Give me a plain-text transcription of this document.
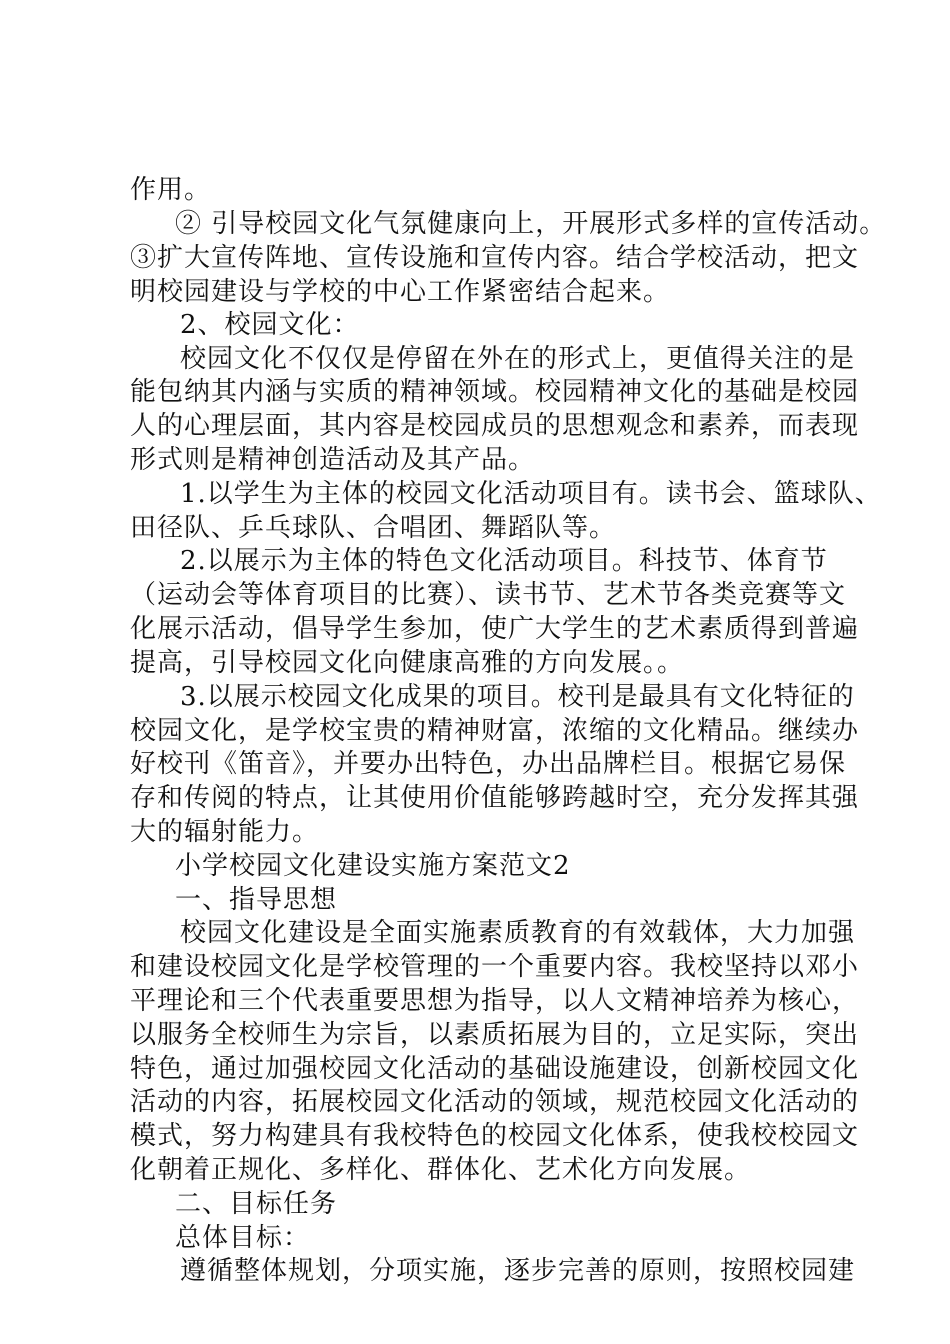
作用。
② 引导校园文化气氛健康向上，开展形式多样的宣传活动。
③扩大宣传阵地、宣传设施和宣传内容。结合学校活动，把文
明校园建设与学校的中心工作紧密结合起来。
2、校园文化：
校园文化不仅仅是停留在外在的形式上，更值得关注的是
能包纳其内涵与实质的精神领域。校园精神文化的基础是校园
人的心理层面，其内容是校园成员的思想观念和素养，而表现
形式则是精神创造活动及其产品。
1.以学生为主体的校园文化活动项目有。读书会、篮球队、
田径队、乒乓球队、合唱团、舞蹈队等。
2.以展示为主体的特色文化活动项目。科技节、体育节
（运动会等体育项目的比赛）、读书节、艺术节各类竞赛等文
化展示活动，倡导学生参加，使广大学生的艺术素质得到普遍
提高，引导校园文化向健康高雅的方向发展。。
3.以展示校园文化成果的项目。校刊是最具有文化特征的
校园文化，是学校宝贵的精神财富，浓缩的文化精品。继续办
好校刊《笛音》，并要办出特色，办出品牌栏目。根据它易保
存和传阅的特点，让其使用价值能够跨越时空，充分发挥其强
大的辐射能力。
小学校园文化建设实施方案范文2
一、指导思想
校园文化建设是全面实施素质教育的有效载体，大力加强
和建设校园文化是学校管理的一个重要内容。我校坚持以邓小
平理论和三个代表重要思想为指导，以人文精神培养为核心，
以服务全校师生为宗旨，以素质拓展为目的，立足实际，突出
特色，通过加强校园文化活动的基础设施建设，创新校园文化
活动的内容，拓展校园文化活动的领域，规范校园文化活动的
模式，努力构建具有我校特色的校园文化体系，使我校校园文
化朝着正规化、多样化、群体化、艺术化方向发展。
二、目标任务
总体目标：
遵循整体规划，分项实施，逐步完善的原则，按照校园建
